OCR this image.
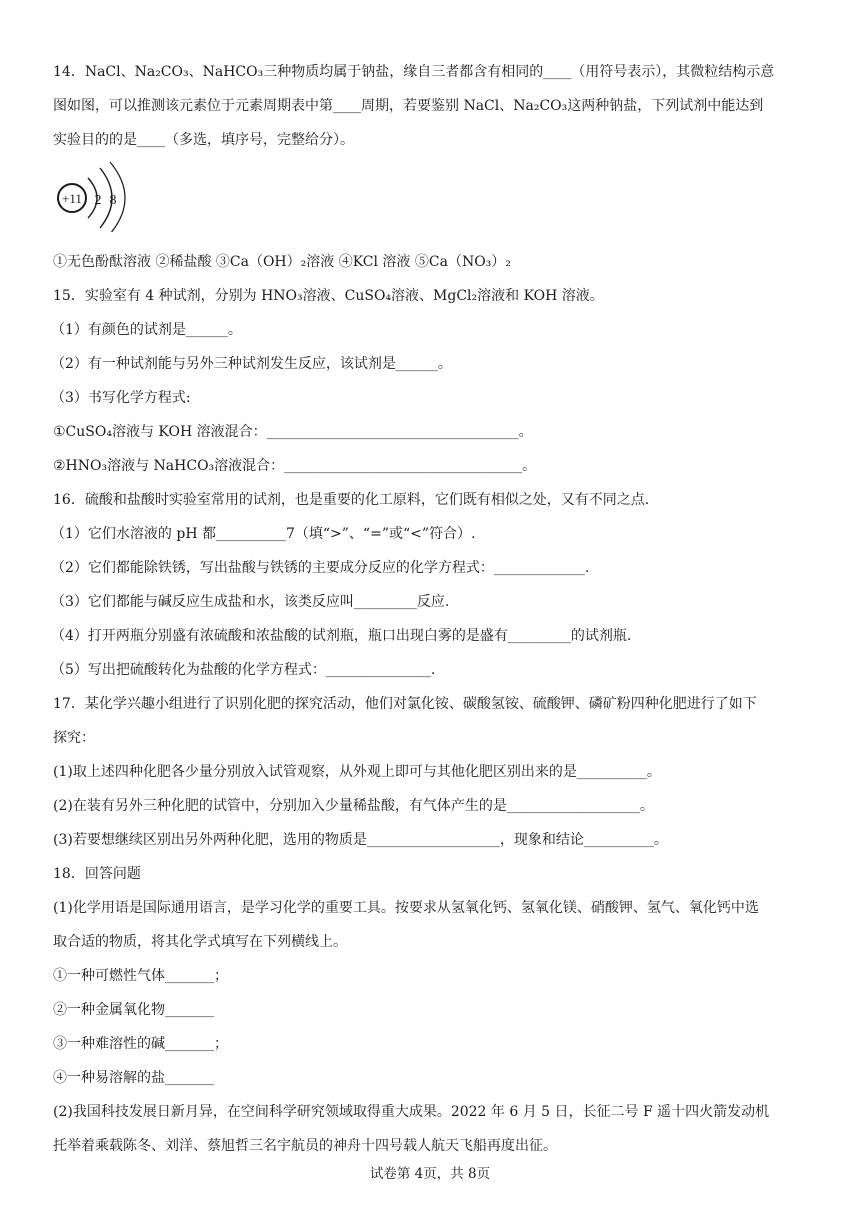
14．NaCl、Na₂CO₃、NaHCO₃三种物质均属于钠盐，缘自三者都含有相同的____（用符号表示），其微粒结构示意
图如图，可以推测该元素位于元素周期表中第____周期，若要鉴别 NaCl、Na₂CO₃这两种钠盐，下列试剂中能达到
实验目的的是____（多选，填序号，完整给分）。
+11 2 8
①无色酚酞溶液 ②稀盐酸 ③Ca（OH）₂溶液 ④KCl 溶液 ⑤Ca（NO₃）₂
15．实验室有 4 种试剂，分别为 HNO₃溶液、CuSO₄溶液、MgCl₂溶液和 KOH 溶液。
（1）有颜色的试剂是______。
（2）有一种试剂能与另外三种试剂发生反应，该试剂是______。
（3）书写化学方程式:
①CuSO₄溶液与 KOH 溶液混合：____________________________________。
②HNO₃溶液与 NaHCO₃溶液混合：__________________________________。
16．硫酸和盐酸时实验室常用的试剂，也是重要的化工原料，它们既有相似之处，又有不同之点.
（1）它们水溶液的 pH 都__________7（填“>”、“=”或“<”符合）.
（2）它们都能除铁锈，写出盐酸与铁锈的主要成分反应的化学方程式：_____________.
（3）它们都能与碱反应生成盐和水，该类反应叫_________反应.
（4）打开两瓶分别盛有浓硫酸和浓盐酸的试剂瓶，瓶口出现白雾的是盛有_________的试剂瓶.
（5）写出把硫酸转化为盐酸的化学方程式：_______________.
17．某化学兴趣小组进行了识别化肥的探究活动，他们对氯化铵、碳酸氢铵、硫酸钾、磷矿粉四种化肥进行了如下
探究：
(1)取上述四种化肥各少量分别放入试管观察，从外观上即可与其他化肥区别出来的是__________。
(2)在装有另外三种化肥的试管中，分别加入少量稀盐酸，有气体产生的是___________________。
(3)若要想继续区别出另外两种化肥，选用的物质是___________________，现象和结论__________。
18．回答问题
(1)化学用语是国际通用语言，是学习化学的重要工具。按要求从氢氧化钙、氢氧化镁、硝酸钾、氢气、氧化钙中选
取合适的物质，将其化学式填写在下列横线上。
①一种可燃性气体_______；
②一种金属氧化物_______
③一种难溶性的碱_______；
④一种易溶解的盐_______
(2)我国科技发展日新月异，在空间科学研究领域取得重大成果。2022 年 6 月 5 日，长征二号 F 遥十四火箭发动机
托举着乘载陈冬、刘洋、蔡旭哲三名宇航员的神舟十四号载人航天飞船再度出征。
试卷第 4页，共 8页
